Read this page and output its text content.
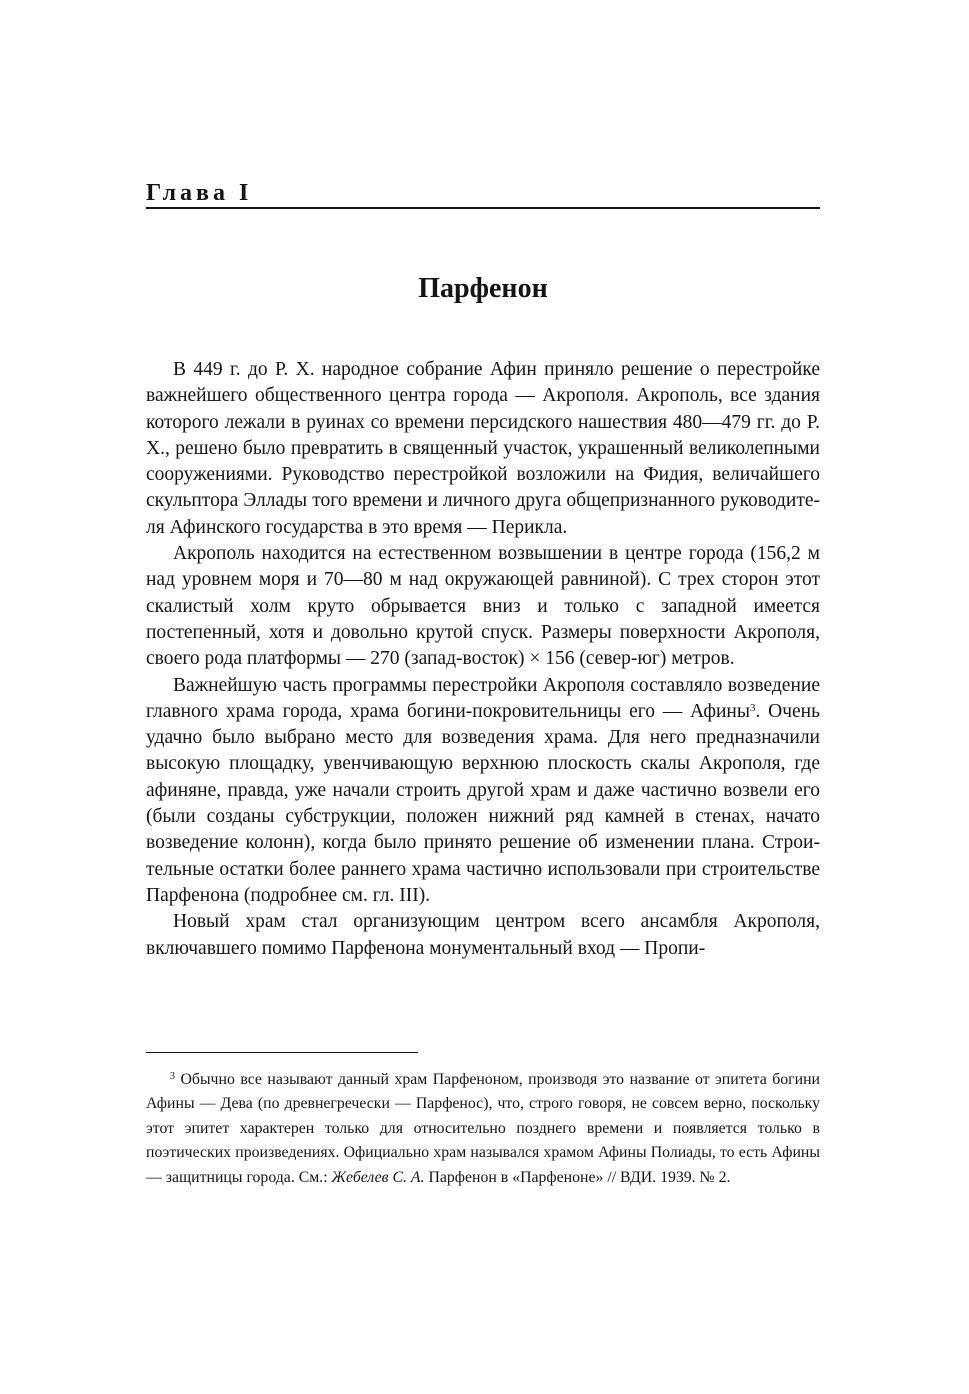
Глава I
Парфенон

В 449 г. до Р. Х. народное собрание Афин приняло решение о перестройке важнейшего общественного центра города — Акрополя. Акрополь, все здания которого лежали в руинах со времени персидского нашествия 480—479 гг. до Р. Х., решено было превратить в священный участок, украшенный великолепными сооружениями. Руководство перестройкой возложили на Фидия, величайшего скульптора Эллады того времени и личного друга общепризнанного руководителя Афинского государства в это время — Перикла.

Акрополь находится на естественном возвышении в центре города (156,2 м над уровнем моря и 70—80 м над окружающей равниной). С трех сторон этот скалистый холм круто обрывается вниз и только с западной имеется постепенный, хотя и довольно крутой спуск. Размеры поверхности Акрополя, своего рода платформы — 270 (запад-восток) × 156 (север-юг) метров.

Важнейшую часть программы перестройки Акрополя составляло возведение главного храма города, храма богини-покровительницы его — Афины$^3$. Очень удачно было выбрано место для возведения храма. Для него предназначили высокую площадку, увенчивающую верхнюю плоскость скалы Акрополя, где афиняне, правда, уже начали строить другой храм и даже частично возвели его (были созданы субструкции, положен нижний ряд камней в стенах, начато возведение колонн), когда было принято решение об изменении плана. Строительные остатки более раннего храма частично использовали при строительстве Парфенона (подробнее см. гл. III).

Новый храм стал организующим центром всего ансамбля Акрополя, включавшего помимо Парфенона монументальный вход — Пропи-

$^3$ Обычно все называют данный храм Парфеноном, производя это название от эпитета богини Афины — Дева (по древнегречески — Парфенос), что, строго говоря, не совсем верно, поскольку этот эпитет характерен только для относительно позднего времени и появляется только в поэтических произведениях. Официально храм назывался храмом Афины Полиады, то есть Афины — защитницы города. См.: Жебелев С. А. Парфенон в «Парфеноне» // ВДИ. 1939. № 2.
